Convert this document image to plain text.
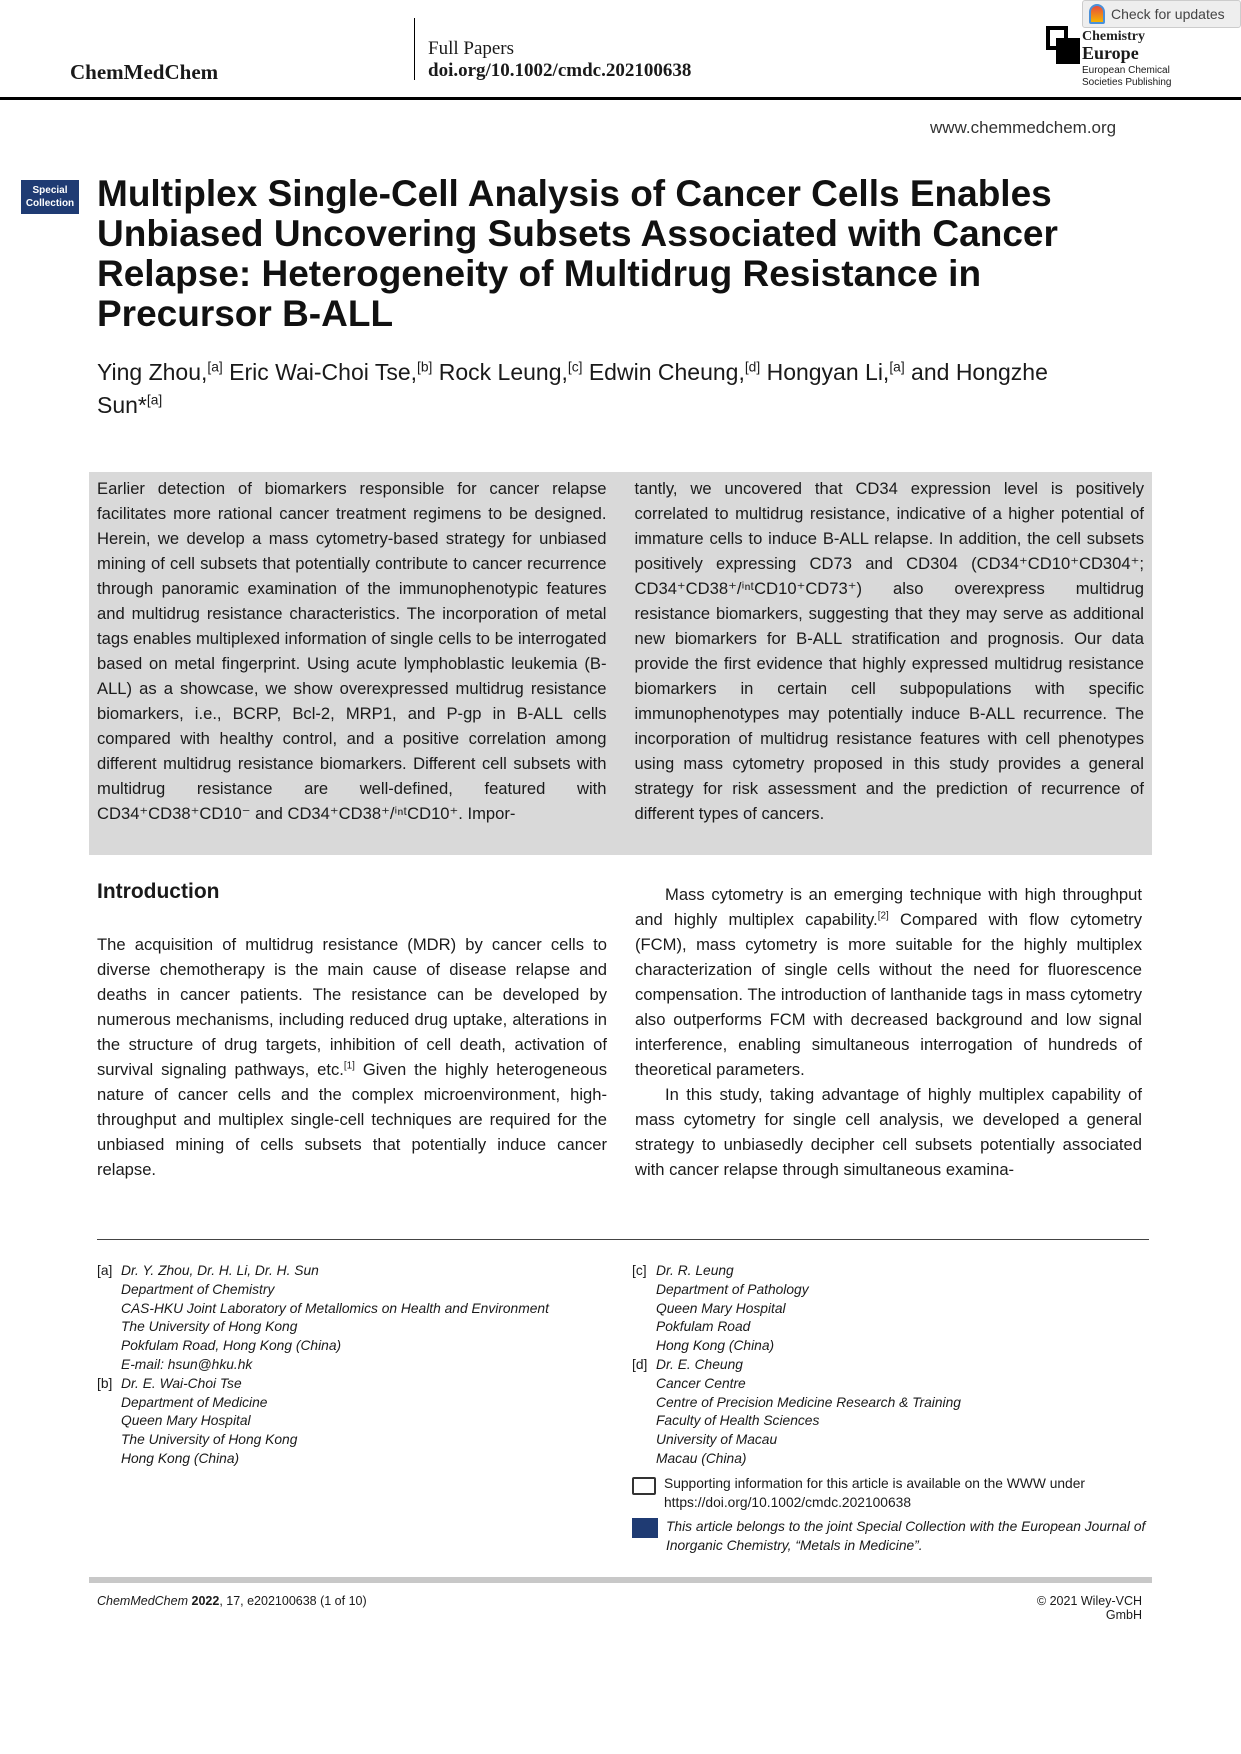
ChemMedChem
Full Papers
doi.org/10.1002/cmdc.202100638
Chemistry
Europe
European Chemical
Societies Publishing
Check for updates
www.chemmedchem.org
Special
Collection Multiplex Single-Cell Analysis of Cancer Cells Enables Unbiased Uncovering Subsets Associated with Cancer Relapse: Heterogeneity of Multidrug Resistance in Precursor B-ALL
Ying Zhou,[a] Eric Wai-Choi Tse,[b] Rock Leung,[c] Edwin Cheung,[d] Hongyan Li,[a] and Hongzhe Sun*[a]
Earlier detection of biomarkers responsible for cancer relapse facilitates more rational cancer treatment regimens to be designed. Herein, we develop a mass cytometry-based strategy for unbiased mining of cell subsets that potentially contribute to cancer recurrence through panoramic examination of the immunophenotypic features and multidrug resistance characteristics. The incorporation of metal tags enables multiplexed information of single cells to be interrogated based on metal fingerprint. Using acute lymphoblastic leukemia (B-ALL) as a showcase, we show overexpressed multidrug resistance biomarkers, i.e., BCRP, Bcl-2, MRP1, and P-gp in B-ALL cells compared with healthy control, and a positive correlation among different multidrug resistance biomarkers. Different cell subsets with multidrug resistance are well-defined, featured with CD34⁺CD38⁺CD10⁻ and CD34⁺CD38⁺/ⁱⁿᵗCD10⁺. Impor-
tantly, we uncovered that CD34 expression level is positively correlated to multidrug resistance, indicative of a higher potential of immature cells to induce B-ALL relapse. In addition, the cell subsets positively expressing CD73 and CD304 (CD34⁺CD10⁺CD304⁺; CD34⁺CD38⁺/ⁱⁿᵗCD10⁺CD73⁺) also overexpress multidrug resistance biomarkers, suggesting that they may serve as additional new biomarkers for B-ALL stratification and prognosis. Our data provide the first evidence that highly expressed multidrug resistance biomarkers in certain cell subpopulations with specific immunophenotypes may potentially induce B-ALL recurrence. The incorporation of multidrug resistance features with cell phenotypes using mass cytometry proposed in this study provides a general strategy for risk assessment and the prediction of recurrence of different types of cancers.
Introduction
The acquisition of multidrug resistance (MDR) by cancer cells to diverse chemotherapy is the main cause of disease relapse and deaths in cancer patients. The resistance can be developed by numerous mechanisms, including reduced drug uptake, alterations in the structure of drug targets, inhibition of cell death, activation of survival signaling pathways, etc.[1] Given the highly heterogeneous nature of cancer cells and the complex microenvironment, high-throughput and multiplex single-cell techniques are required for the unbiased mining of cells subsets that potentially induce cancer relapse.

Mass cytometry is an emerging technique with high throughput and highly multiplex capability.[2] Compared with flow cytometry (FCM), mass cytometry is more suitable for the highly multiplex characterization of single cells without the need for fluorescence compensation. The introduction of lanthanide tags in mass cytometry also outperforms FCM with decreased background and low signal interference, enabling simultaneous interrogation of hundreds of theoretical parameters.

In this study, taking advantage of highly multiplex capability of mass cytometry for single cell analysis, we developed a general strategy to unbiasedly decipher cell subsets potentially associated with cancer relapse through simultaneous examina-

[a] Dr. Y. Zhou, Dr. H. Li, Dr. H. Sun
Department of Chemistry
CAS-HKU Joint Laboratory of Metallomics on Health and Environment
The University of Hong Kong
Pokfulam Road, Hong Kong (China)
E-mail: hsun@hku.hk
[b] Dr. E. Wai-Choi Tse
Department of Medicine
Queen Mary Hospital
The University of Hong Kong
Hong Kong (China)
[c] Dr. R. Leung
Department of Pathology
Queen Mary Hospital
Pokfulam Road
Hong Kong (China)
[d] Dr. E. Cheung
Cancer Centre
Centre of Precision Medicine Research & Training
Faculty of Health Sciences
University of Macau
Macau (China)
Supporting information for this article is available on the WWW under https://doi.org/10.1002/cmdc.202100638
This article belongs to the joint Special Collection with the European Journal of Inorganic Chemistry, “Metals in Medicine”.
ChemMedChem 2022, 17, e202100638 (1 of 10)	© 2021 Wiley-VCH GmbH
